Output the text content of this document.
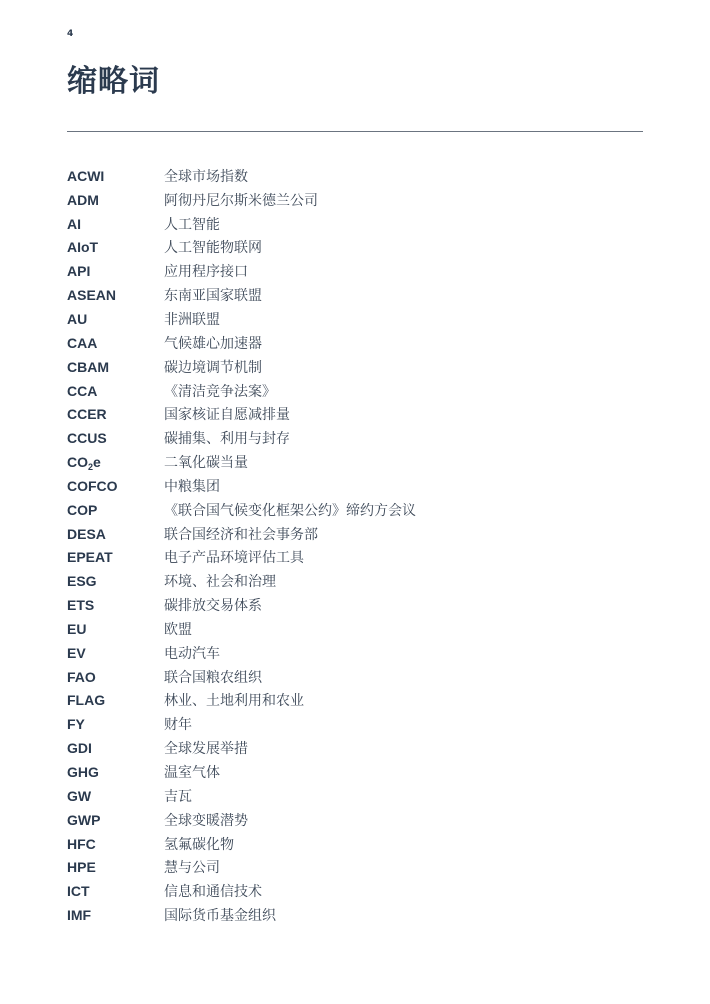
4
缩略词
ACWI	全球市场指数
ADM	阿彻丹尼尔斯米德兰公司
AI	人工智能
AIoT	人工智能物联网
API	应用程序接口
ASEAN	东南亚国家联盟
AU	非洲联盟
CAA	气候雄心加速器
CBAM	碳边境调节机制
CCA	《清洁竞争法案》
CCER	国家核证自愿减排量
CCUS	碳捕集、利用与封存
$CO_2e$	二氧化碳当量
COFCO	中粮集团
COP	《联合国气候变化框架公约》缔约方会议
DESA	联合国经济和社会事务部
EPEAT	电子产品环境评估工具
ESG	环境、社会和治理
ETS	碳排放交易体系
EU	欧盟
EV	电动汽车
FAO	联合国粮农组织
FLAG	林业、土地利用和农业
FY	财年
GDI	全球发展举措
GHG	温室气体
GW	吉瓦
GWP	全球变暖潜势
HFC	氢氟碳化物
HPE	慧与公司
ICT	信息和通信技术
IMF	国际货币基金组织
